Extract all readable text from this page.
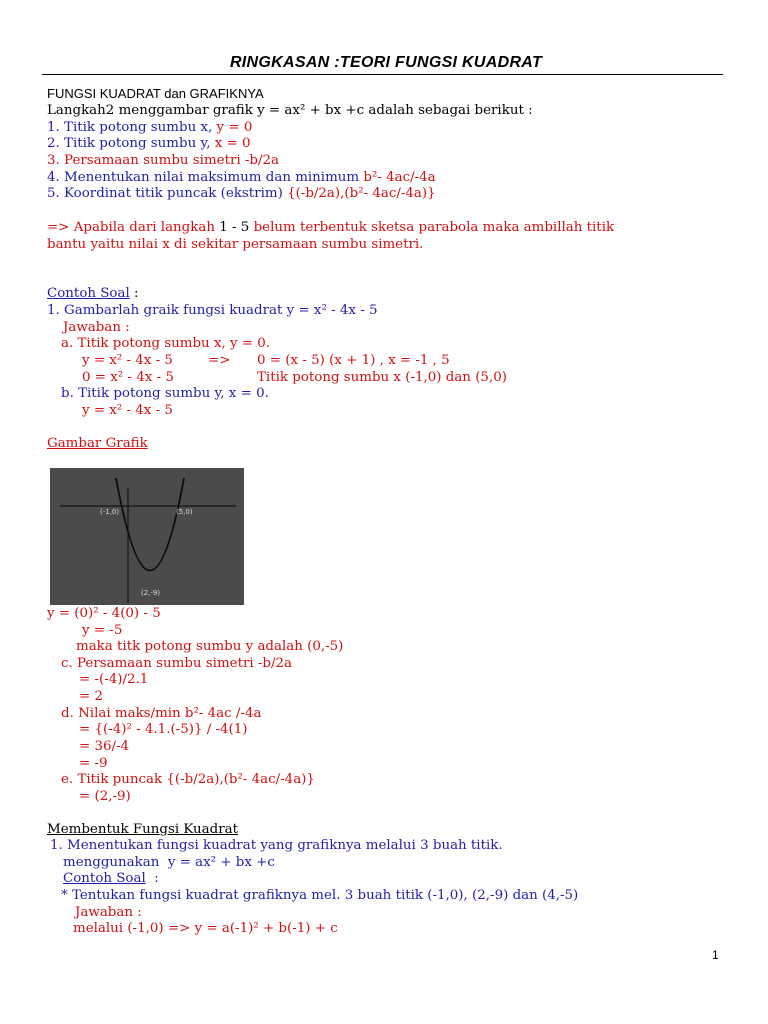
RINGKASAN :TEORI FUNGSI KUADRAT
FUNGSI KUADRAT dan GRAFIKNYA
Langkah2 menggambar grafik y = ax² + bx +c adalah sebagai berikut :
1. Titik potong sumbu x, y = 0
2. Titik potong sumbu y, x = 0
3. Persamaan sumbu simetri -b/2a
4. Menentukan nilai maksimum dan minimum b²- 4ac/-4a
5. Koordinat titik puncak (ekstrim) {(-b/2a),(b²- 4ac/-4a)}
=> Apabila dari langkah 1 - 5 belum terbentuk sketsa parabola maka ambillah titik
bantu yaitu nilai x di sekitar persamaan sumbu simetri.
Contoh Soal :
1. Gambarlah graik fungsi kuadrat y = x² - 4x - 5
Jawaban :
a. Titik potong sumbu x, y = 0.
y = x² - 4x - 5	=> 0 = (x - 5) (x + 1) , x = -1 , 5
0 = x² - 4x - 5	Titik potong sumbu x (-1,0) dan (5,0)
b. Titik potong sumbu y, x = 0.
y = x² - 4x - 5
Gambar Grafik
(-1,0)	(5,0)
(2,-9)
y = (0)² - 4(0) - 5
y = -5
maka titk potong sumbu y adalah (0,-5)
c. Persamaan sumbu simetri -b/2a
= -(-4)/2.1
= 2
d. Nilai maks/min b²- 4ac /-4a
= {(-4)² - 4.1.(-5)} / -4(1)
= 36/-4
= -9
e. Titik puncak {(-b/2a),(b²- 4ac/-4a)}
= (2,-9)
Membentuk Fungsi Kuadrat
1. Menentukan fungsi kuadrat yang grafiknya melalui 3 buah titik.
menggunakan  y = ax² + bx +c
Contoh Soal  :
* Tentukan fungsi kuadrat grafiknya mel. 3 buah titik (-1,0), (2,-9) dan (4,-5)
Jawaban :
melalui (-1,0) => y = a(-1)² + b(-1) + c
1
